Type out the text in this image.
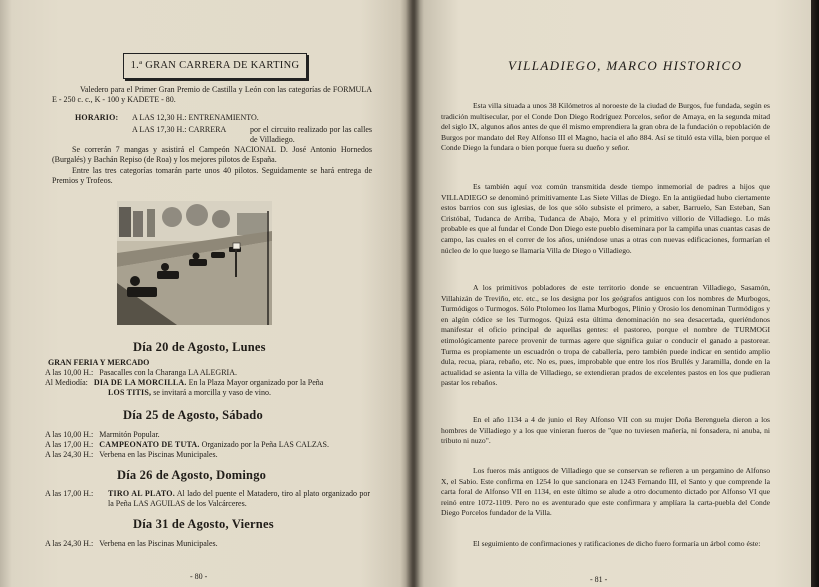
1.ª GRAN CARRERA DE KARTING
Valedero para el Primer Gran Premio de Castilla y León con las categorías de FORMULA E - 250 c. c., K - 100 y KADETE - 80.
HORARIO: A LAS 12,30 H.: ENTRENAMIENTO.
A LAS 17,30 H.: CARRERA	por el circuito realizado por las calles de Villadiego.
Se correrán 7 mangas y asistirá el Campeón NACIONAL D. José Antonio Hornedos (Burgalés) y Bachán Repiso (de Roa) y los mejores pilotos de España.
Entre las tres categorías tomarán parte unos 40 pilotos. Seguidamente se hará entrega de Premios y Trofeos.
Día 20 de Agosto, Lunes
GRAN FERIA Y MERCADO
A las 10,00 H.: Pasacalles con la Charanga LA ALEGRIA.
Al Mediodía: DIA DE LA MORCILLA. En la Plaza Mayor organizado por la Peña
LOS TITIS, se invitará a morcilla y vaso de vino.
Día 25 de Agosto, Sábado
A las 10,00 H.: Marmitón Popular.
A las 17,00 H.: CAMPEONATO DE TUTA. Organizado por la Peña LAS CALZAS.
A las 24,30 H.: Verbena en las Piscinas Municipales.
Día 26 de Agosto, Domingo
A las 17,00 H.: TIRO AL PLATO. Al lado del puente el Matadero, tiro al plato organizado por la Peña LAS AGUILAS de los Valcárceres.
Día 31 de Agosto, Viernes
A las 24,30 H.: Verbena en las Piscinas Municipales.
- 80 -
VILLADIEGO, MARCO HISTORICO
Esta villa situada a unos 38 Kilómetros al noroeste de la ciudad de Burgos, fue fundada, según es tradición multisecular, por el Conde Don Diego Rodríguez Porcelos, señor de Amaya, en la segunda mitad del siglo IX, algunos años antes de que él mismo emprendiera la gran obra de la fundación o repoblación de Burgos por mandato del Rey Alfonso III el Magno, hacia el año 884. Así se tituló esta villa, bien porque el Conde Diego la fundara o bien porque fuera su dueño y señor.
Es también aquí voz común transmitida desde tiempo inmemorial de padres a hijos que VILLADIEGO se denominó primitivamente Las Siete Villas de Diego. En la antigüedad hubo ciertamente estos barrios con sus iglesias, de los que sólo subsiste el primero, a saber, Barruelo, San Esteban, San Cristóbal, Tudanca de Arriba, Tudanca de Abajo, Mora y el primitivo villorio de Villadiego. Lo más probable es que al fundar el Conde Don Diego este pueblo diseminara por la campiña unas cuantas casas de campo, las cuales en el correr de los años, uniéndose unas a otras con nuevas edificaciones, formarían el núcleo de lo que luego se llamaría Villa de Diego o Villadiego.
A los primitivos pobladores de este territorio donde se encuentran Villadiego, Sasamón, Villahizán de Treviño, etc. etc., se los designa por los geógrafos antiguos con los nombres de Murbogos, Turmódigos o Turmogos. Sólo Ptolomeo los llama Murbogos, Plinio y Orosio los denominan Turmódigos y en algún códice se les Turmogos. Quizá esta última denominación no sea desacertada, queriéndonos manifestar el oficio principal de aquellas gentes: el pastoreo, porque el nombre de TURMOGI etimológicamente parece provenir de turmas agere que significa guiar o conducir el ganado a pastorear. Turma es propiamente un escuadrón o tropa de caballería, pero también puede indicar en sentido amplio dula, recua, piara, rebaño, etc. No es, pues, improbable que entre los ríos Brullés y Jaramilla, donde en la actualidad se asienta la villa de Villadiego, se extendieran prados de excelentes pastos en los que pudieran pastar los rebaños.
En el año 1134 a 4 de junio el Rey Alfonso VII con su mujer Doña Berenguela dieron a los hombres de Villadiego y a los que vinieran fueros de "que no tuviesen mañería, ni fonsadera, ni anuba, ni tributo ni nuzo".
Los fueros más antiguos de Villadiego que se conservan se refieren a un pergamino de Alfonso X, el Sabio. Este confirma en 1254 lo que sancionara en 1243 Fernando III, el Santo y que comprende la carta foral de Alfonso VII en 1134, en este último se alude a otro documento dictado por Alfonso VI que reinó entre 1072-1109. Pero no es aventurado que este confirmara y amplíara la carta-puebla del Conde Diego Porcelos fundador de la Villa.
El seguimiento de confirmaciones y ratificaciones de dicho fuero formaría un árbol como éste:
- 81 -
